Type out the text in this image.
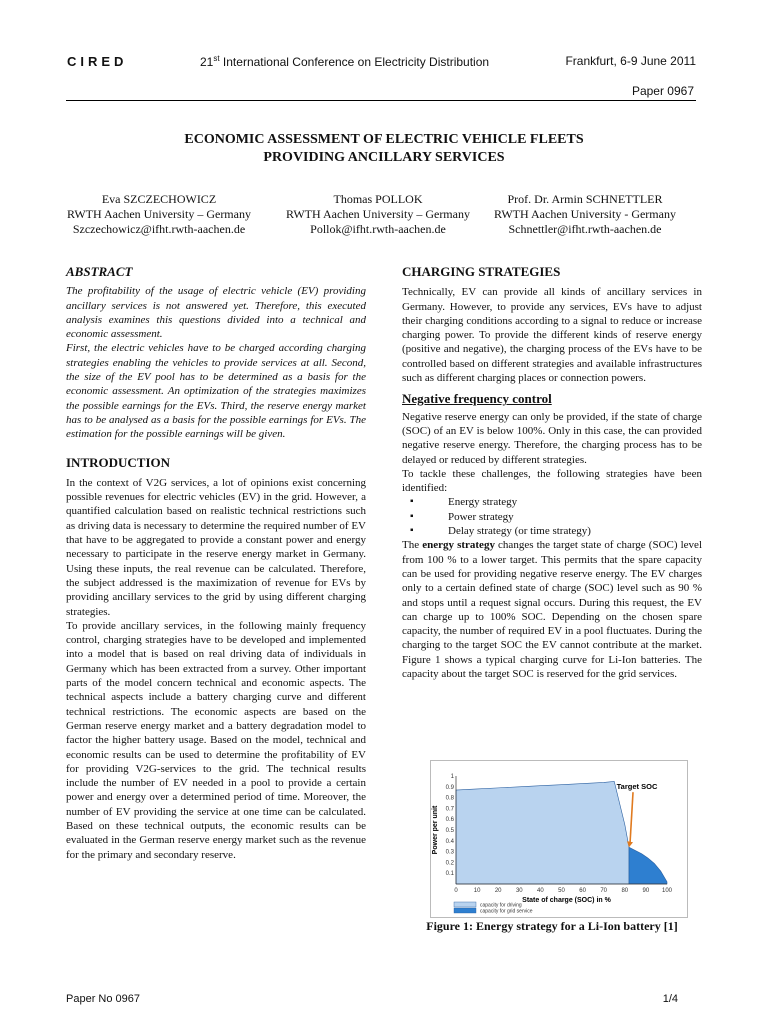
CIRED	21st International Conference on Electricity Distribution	Frankfurt, 6-9 June 2011
Paper 0967
ECONOMIC ASSESSMENT OF ELECTRIC VEHICLE FLEETS
PROVIDING ANCILLARY SERVICES
Eva SZCZECHOWICZ
RWTH Aachen University – Germany
Szczechowicz@ifht.rwth-aachen.de
Thomas POLLOK
RWTH Aachen University – Germany
Pollok@ifht.rwth-aachen.de
Prof. Dr. Armin SCHNETTLER
RWTH Aachen University - Germany
Schnettler@ifht.rwth-aachen.de
ABSTRACT

The profitability of the usage of electric vehicle (EV) providing ancillary services is not answered yet. Therefore, this executed analysis examines this questions divided into a technical and economic assessment.

First, the electric vehicles have to be charged according charging strategies enabling the vehicles to provide services at all. Second, the size of the EV pool has to be determined as a basis for the economic assessment. An optimization of the strategies maximizes the possible earnings for the EVs. Third, the reserve energy market has to be analysed as a basis for the possible earnings for EVs. The estimation for the possible earnings will be given.

INTRODUCTION

In the context of V2G services, a lot of opinions exist concerning possible revenues for electric vehicles (EV) in the grid. However, a quantified calculation based on realistic technical restrictions such as driving data is necessary to determine the required number of EV that have to be aggregated to provide a constant power and energy necessary to participate in the reserve energy market in Germany. Using these inputs, the real revenue can be calculated. Therefore, the subject addressed is the maximization of revenue for EVs by providing ancillary services to the grid by using different charging strategies.

To provide ancillary services, in the following mainly frequency control, charging strategies have to be developed and implemented into a model that is based on real driving data of individuals in Germany which has been extracted from a survey. Other important parts of the model concern technical and economic aspects. The technical aspects include a battery charging curve and different technical restrictions. The economic aspects are based on the German reserve energy market and a battery degradation model to factor the higher battery usage. Based on the model, technical and economic results can be used to determine the profitability of EV for providing V2G-services to the grid. The technical results include the number of EV needed in a pool to provide a certain power and energy over a determined period of time. Moreover, the number of EV providing the service at one time can be calculated. Based on these technical outputs, the economic results can be evaluated in the German reserve energy market such as the revenue for the primary and secondary reserve.

CHARGING STRATEGIES

Technically, EV can provide all kinds of ancillary services in Germany. However, to provide any services, EVs have to adjust their charging conditions according to a signal to reduce or increase charging power. To provide the different kinds of reserve energy (positive and negative), the charging process of the EVs have to be controlled based on different strategies and available infrastructures such as different charging places or connection powers.

Negative frequency control

Negative reserve energy can only be provided, if the state of charge (SOC) of an EV is below 100%. Only in this case, the can provided negative reserve energy. Therefore, the charging process has to be delayed or reduced by different strategies.

To tackle these challenges, the following strategies have been identified:

▪ Energy strategy
▪ Power strategy
▪ Delay strategy (or time strategy)

The energy strategy changes the target state of charge (SOC) level from 100 % to a lower target. This permits that the spare capacity can be used for providing negative reserve energy. The EV charges only to a certain defined state of charge (SOC) level such as 90 % and stops until a request signal occurs. During this request, the EV can charge up to 100% SOC. Depending on the chosen spare capacity, the number of required EV in a pool fluctuates. During the charging to the target SOC the EV cannot contribute at the market. Figure 1 shows a typical charging curve for Li-Ion batteries. The capacity about the target SOC is reserved for the grid services.

0	10 20 30 40 50 60 70 80 90 100
0.1
0.2
0.3
0.4
0.5
0.6
0.7
0.8
0.9
1
State of charge (SOC) in %
Power per unit
Target SOC
capacity for driving
capacity for grid service
Figure 1: Energy strategy for a Li-Ion battery [1]
Paper No 0967	1/4
